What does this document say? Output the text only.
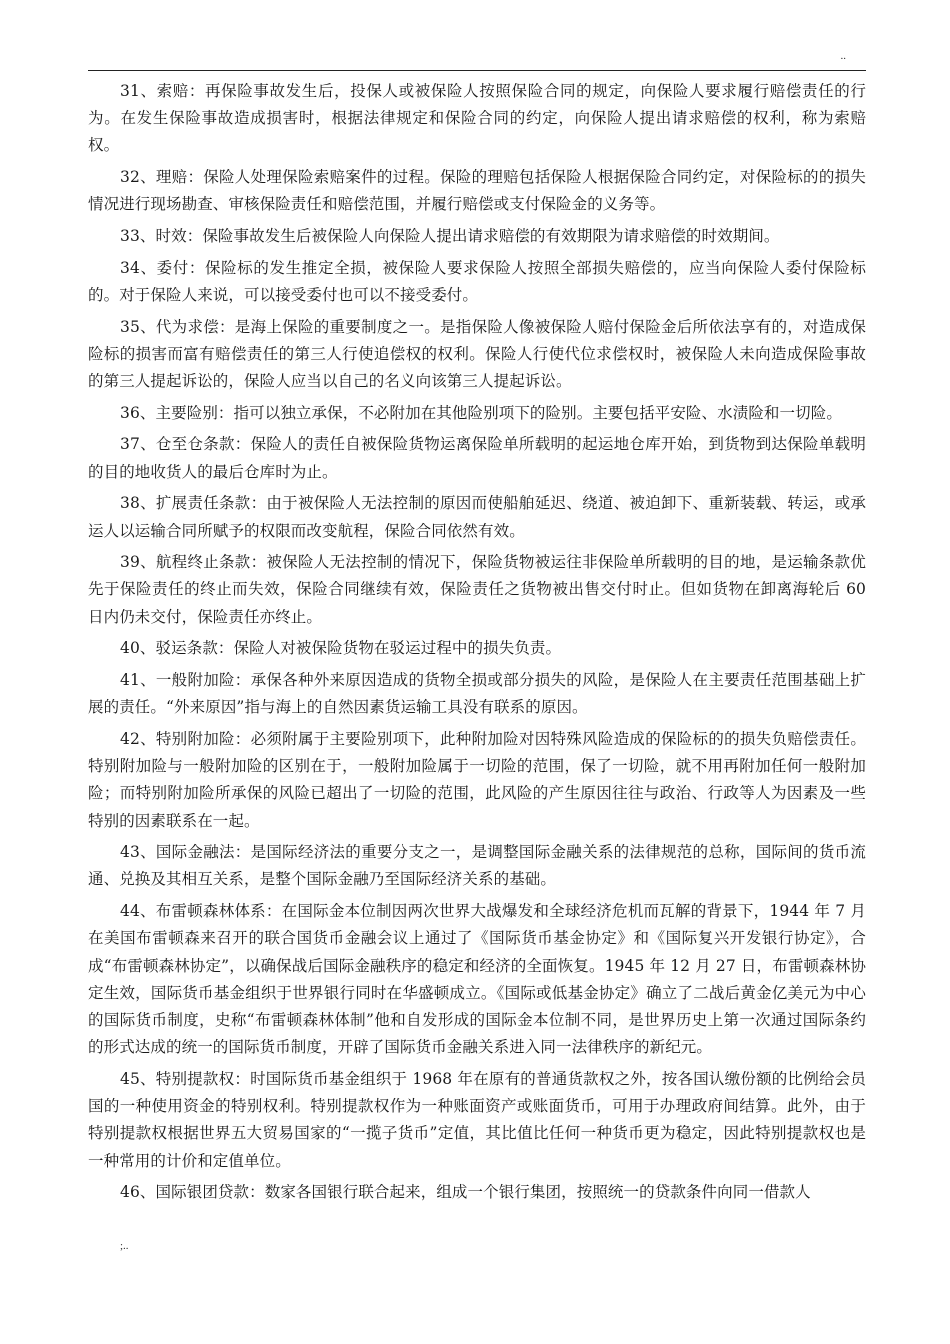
..

31、索赔：再保险事故发生后，投保人或被保险人按照保险合同的规定，向保险人要求履行赔偿责任的行为。在发生保险事故造成损害时，根据法律规定和保险合同的约定，向保险人提出请求赔偿的权利，称为索赔权。

32、理赔：保险人处理保险索赔案件的过程。保险的理赔包括保险人根据保险合同约定，对保险标的的损失情况进行现场勘查、审核保险责任和赔偿范围，并履行赔偿或支付保险金的义务等。

33、时效：保险事故发生后被保险人向保险人提出请求赔偿的有效期限为请求赔偿的时效期间。

34、委付：保险标的发生推定全损，被保险人要求保险人按照全部损失赔偿的，应当向保险人委付保险标的。对于保险人来说，可以接受委付也可以不接受委付。

35、代为求偿：是海上保险的重要制度之一。是指保险人像被保险人赔付保险金后所依法享有的，对造成保险标的损害而富有赔偿责任的第三人行使追偿权的权利。保险人行使代位求偿权时，被保险人未向造成保险事故的第三人提起诉讼的，保险人应当以自己的名义向该第三人提起诉讼。

36、主要险别：指可以独立承保，不必附加在其他险别项下的险别。主要包括平安险、水渍险和一切险。

37、仓至仓条款：保险人的责任自被保险货物运离保险单所载明的起运地仓库开始，到货物到达保险单载明的目的地收货人的最后仓库时为止。

38、扩展责任条款：由于被保险人无法控制的原因而使船舶延迟、绕道、被迫卸下、重新装载、转运，或承运人以运输合同所赋予的权限而改变航程，保险合同依然有效。

39、航程终止条款：被保险人无法控制的情况下，保险货物被运往非保险单所载明的目的地，是运输条款优先于保险责任的终止而失效，保险合同继续有效，保险责任之货物被出售交付时止。但如货物在卸离海轮后 60 日内仍未交付，保险责任亦终止。

40、驳运条款：保险人对被保险货物在驳运过程中的损失负责。

41、一般附加险：承保各种外来原因造成的货物全损或部分损失的风险，是保险人在主要责任范围基础上扩展的责任。“外来原因”指与海上的自然因素货运输工具没有联系的原因。

42、特别附加险：必须附属于主要险别项下，此种附加险对因特殊风险造成的保险标的的损失负赔偿责任。特别附加险与一般附加险的区别在于，一般附加险属于一切险的范围，保了一切险，就不用再附加任何一般附加险；而特别附加险所承保的风险已超出了一切险的范围，此风险的产生原因往往与政治、行政等人为因素及一些特别的因素联系在一起。

43、国际金融法：是国际经济法的重要分支之一，是调整国际金融关系的法律规范的总称，国际间的货币流通、兑换及其相互关系，是整个国际金融乃至国际经济关系的基础。

44、布雷顿森林体系：在国际金本位制因两次世界大战爆发和全球经济危机而瓦解的背景下，1944 年 7 月在美国布雷顿森来召开的联合国货币金融会议上通过了《国际货币基金协定》和《国际复兴开发银行协定》，合成“布雷顿森林协定”，以确保战后国际金融秩序的稳定和经济的全面恢复。1945 年 12 月 27 日，布雷顿森林协定生效，国际货币基金组织于世界银行同时在华盛顿成立。《国际或低基金协定》确立了二战后黄金亿美元为中心的国际货币制度，史称“布雷顿森林体制”他和自发形成的国际金本位制不同，是世界历史上第一次通过国际条约的形式达成的统一的国际货币制度，开辟了国际货币金融关系进入同一法律秩序的新纪元。

45、特别提款权：时国际货币基金组织于 1968 年在原有的普通货款权之外，按各国认缴份额的比例给会员国的一种使用资金的特别权利。特别提款权作为一种账面资产或账面货币，可用于办理政府间结算。此外，由于特别提款权根据世界五大贸易国家的“一揽子货币”定值，其比值比任何一种货币更为稳定，因此特别提款权也是一种常用的计价和定值单位。

46、国际银团贷款：数家各国银行联合起来，组成一个银行集团，按照统一的贷款条件向同一借款人

;..
